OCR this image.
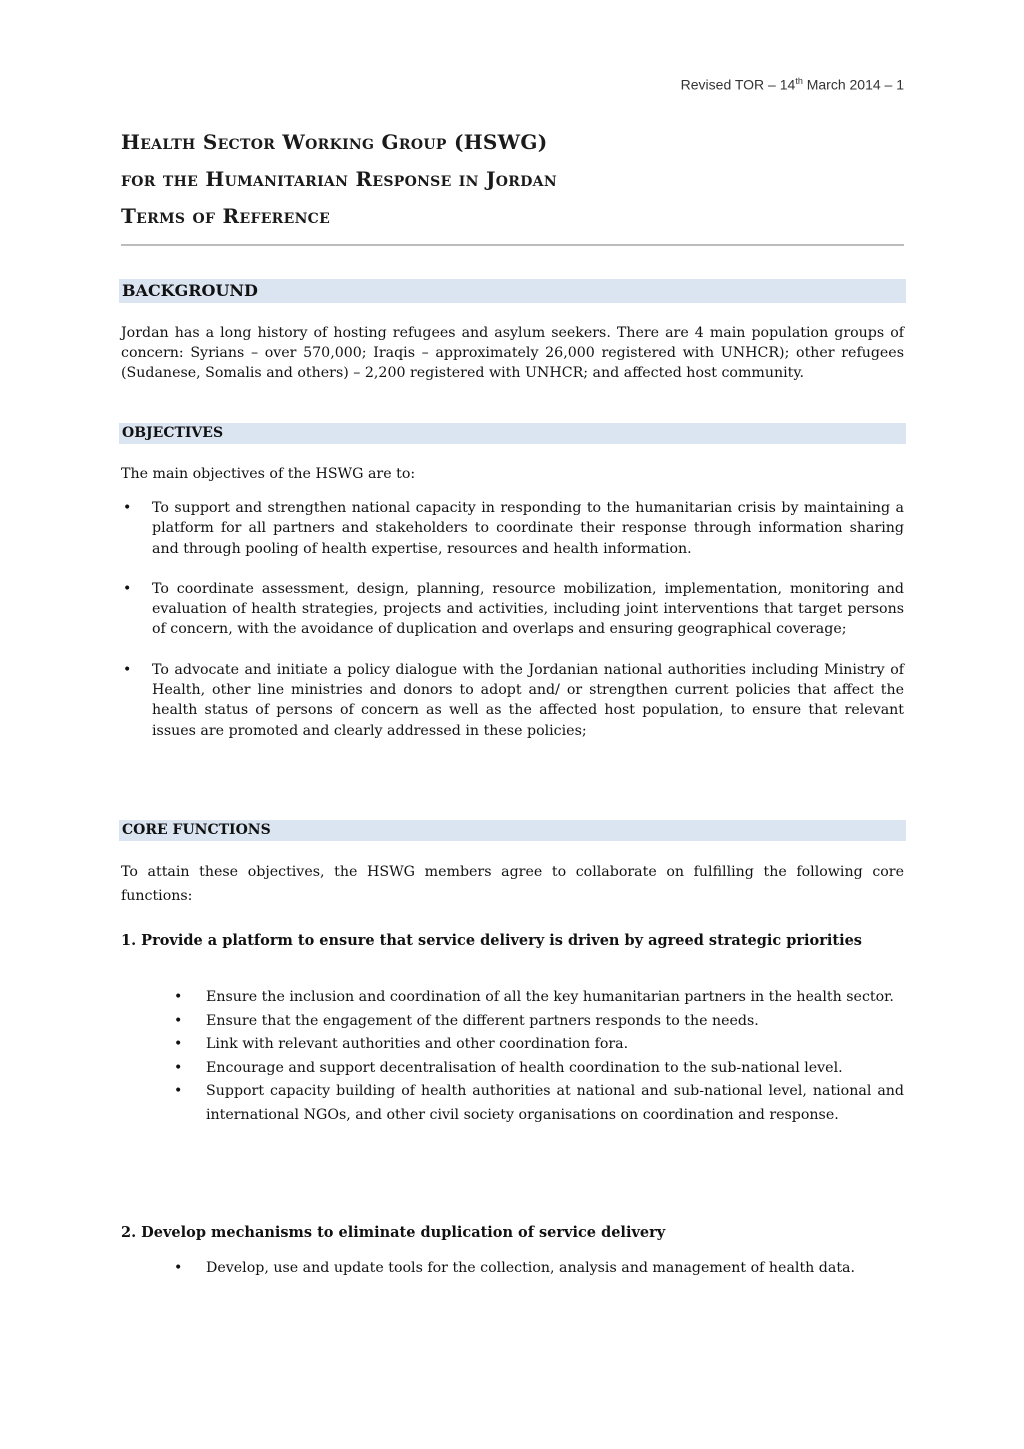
Revised TOR – 14th March 2014 – 1
Health Sector Working Group (HSWG)
for the Humanitarian Response in Jordan
Terms of Reference
BACKGROUND
Jordan has a long history of hosting refugees and asylum seekers. There are 4 main population groups of concern: Syrians – over 570,000; Iraqis – approximately 26,000 registered with UNHCR); other refugees (Sudanese, Somalis and others) – 2,200 registered with UNHCR; and affected host community.
OBJECTIVES
The main objectives of the HSWG are to:
• To support and strengthen national capacity in responding to the humanitarian crisis by maintaining a platform for all partners and stakeholders to coordinate their response through information sharing and through pooling of health expertise, resources and health information.
• To coordinate assessment, design, planning, resource mobilization, implementation, monitoring and evaluation of health strategies, projects and activities, including joint interventions that target persons of concern, with the avoidance of duplication and overlaps and ensuring geographical coverage;
• To advocate and initiate a policy dialogue with the Jordanian national authorities including Ministry of Health, other line ministries and donors to adopt and/ or strengthen current policies that affect the health status of persons of concern as well as the affected host population, to ensure that relevant issues are promoted and clearly addressed in these policies;
CORE FUNCTIONS
To attain these objectives, the HSWG members agree to collaborate on fulfilling the following core functions:
1. Provide a platform to ensure that service delivery is driven by agreed strategic priorities
• Ensure the inclusion and coordination of all the key humanitarian partners in the health sector.
• Ensure that the engagement of the different partners responds to the needs.
• Link with relevant authorities and other coordination fora.
• Encourage and support decentralisation of health coordination to the sub-national level.
• Support capacity building of health authorities at national and sub-national level, national and international NGOs, and other civil society organisations on coordination and response.
2. Develop mechanisms to eliminate duplication of service delivery
• Develop, use and update tools for the collection, analysis and management of health data.
